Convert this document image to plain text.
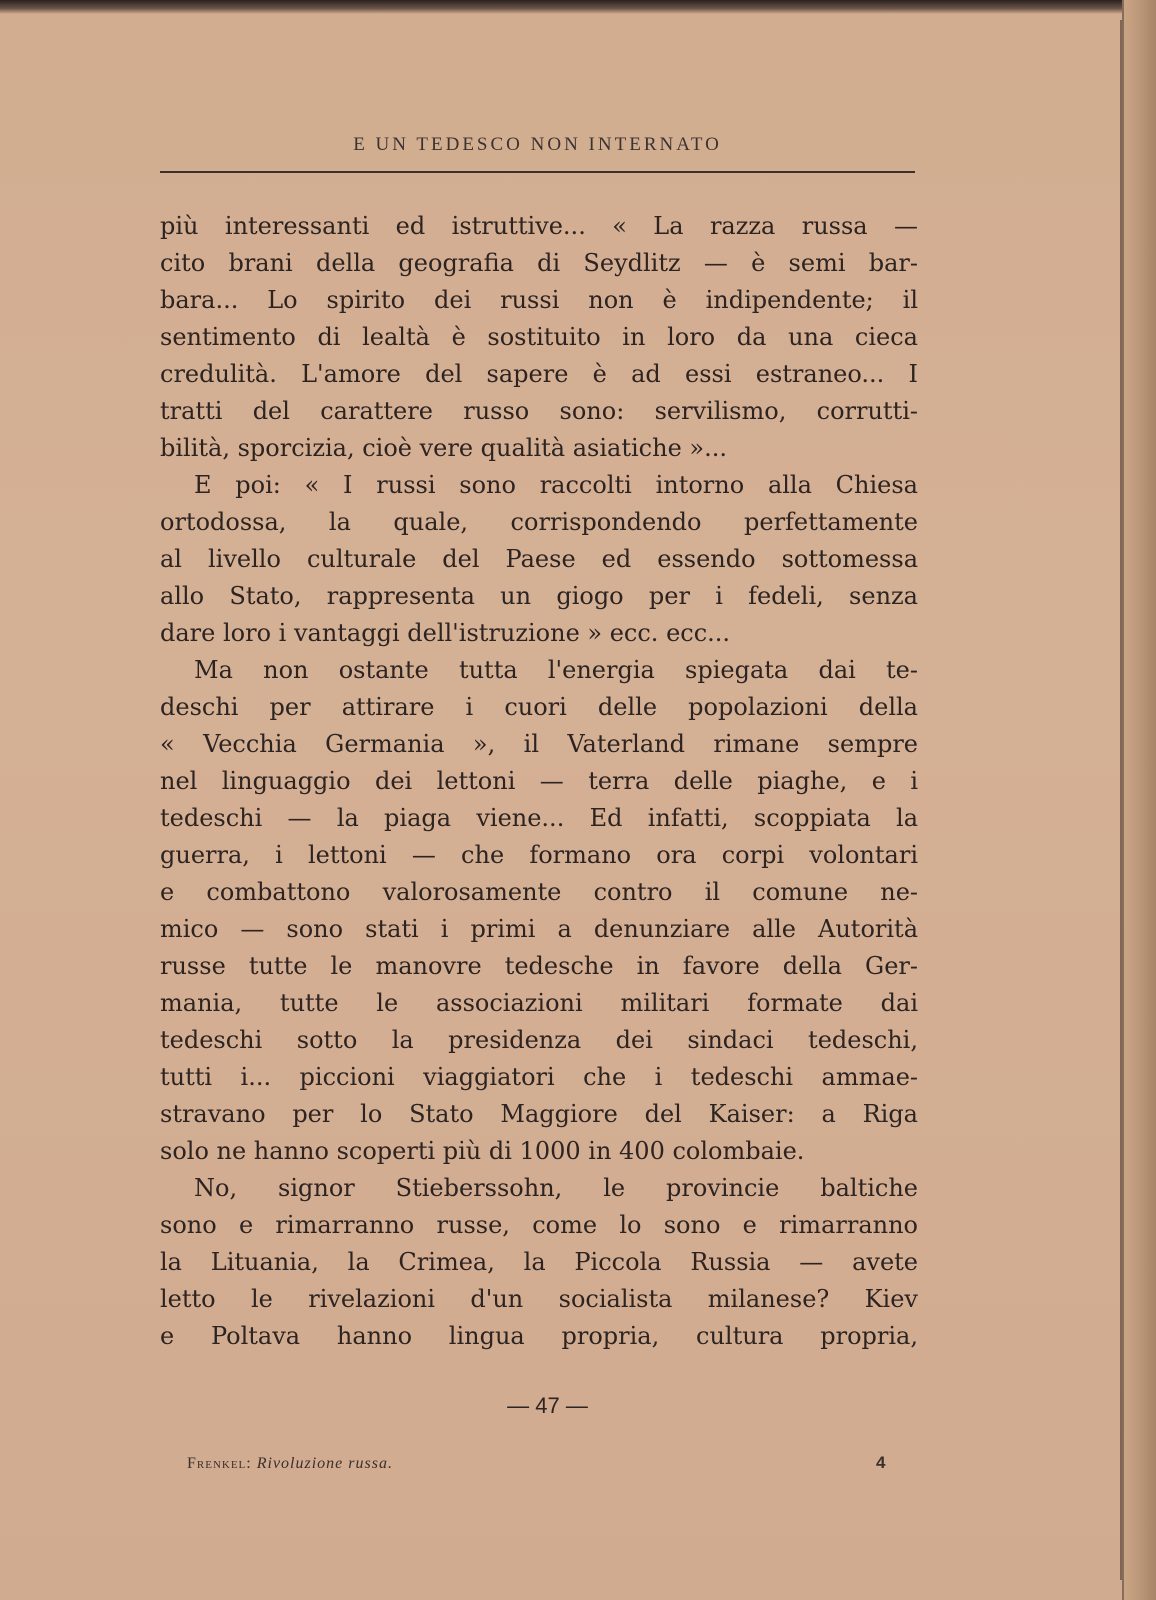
E UN TEDESCO NON INTERNATO
più interessanti ed istruttive... « La razza russa —
cito brani della geografia di Seydlitz — è semi bar-
bara... Lo spirito dei russi non è indipendente; il
sentimento di lealtà è sostituito in loro da una cieca
credulità. L'amore del sapere è ad essi estraneo... I
tratti del carattere russo sono: servilismo, corrutti-
bilità, sporcizia, cioè vere qualità asiatiche »...
E poi: « I russi sono raccolti intorno alla Chiesa
ortodossa, la quale, corrispondendo perfettamente
al livello culturale del Paese ed essendo sottomessa
allo Stato, rappresenta un giogo per i fedeli, senza
dare loro i vantaggi dell'istruzione » ecc. ecc...
Ma non ostante tutta l'energia spiegata dai te-
deschi per attirare i cuori delle popolazioni della
« Vecchia Germania », il Vaterland rimane sempre
nel linguaggio dei lettoni — terra delle piaghe, e i
tedeschi — la piaga viene... Ed infatti, scoppiata la
guerra, i lettoni — che formano ora corpi volontari
e combattono valorosamente contro il comune ne-
mico — sono stati i primi a denunziare alle Autorità
russe tutte le manovre tedesche in favore della Ger-
mania, tutte le associazioni militari formate dai
tedeschi sotto la presidenza dei sindaci tedeschi,
tutti i... piccioni viaggiatori che i tedeschi ammae-
stravano per lo Stato Maggiore del Kaiser: a Riga
solo ne hanno scoperti più di 1000 in 400 colombaie.
No, signor Stieberssohn, le provincie baltiche
sono e rimarranno russe, come lo sono e rimarranno
la Lituania, la Crimea, la Piccola Russia — avete
letto le rivelazioni d'un socialista milanese? Kiev
e Poltava hanno lingua propria, cultura propria,
— 47 —
Frenkel: Rivoluzione russa.	4
